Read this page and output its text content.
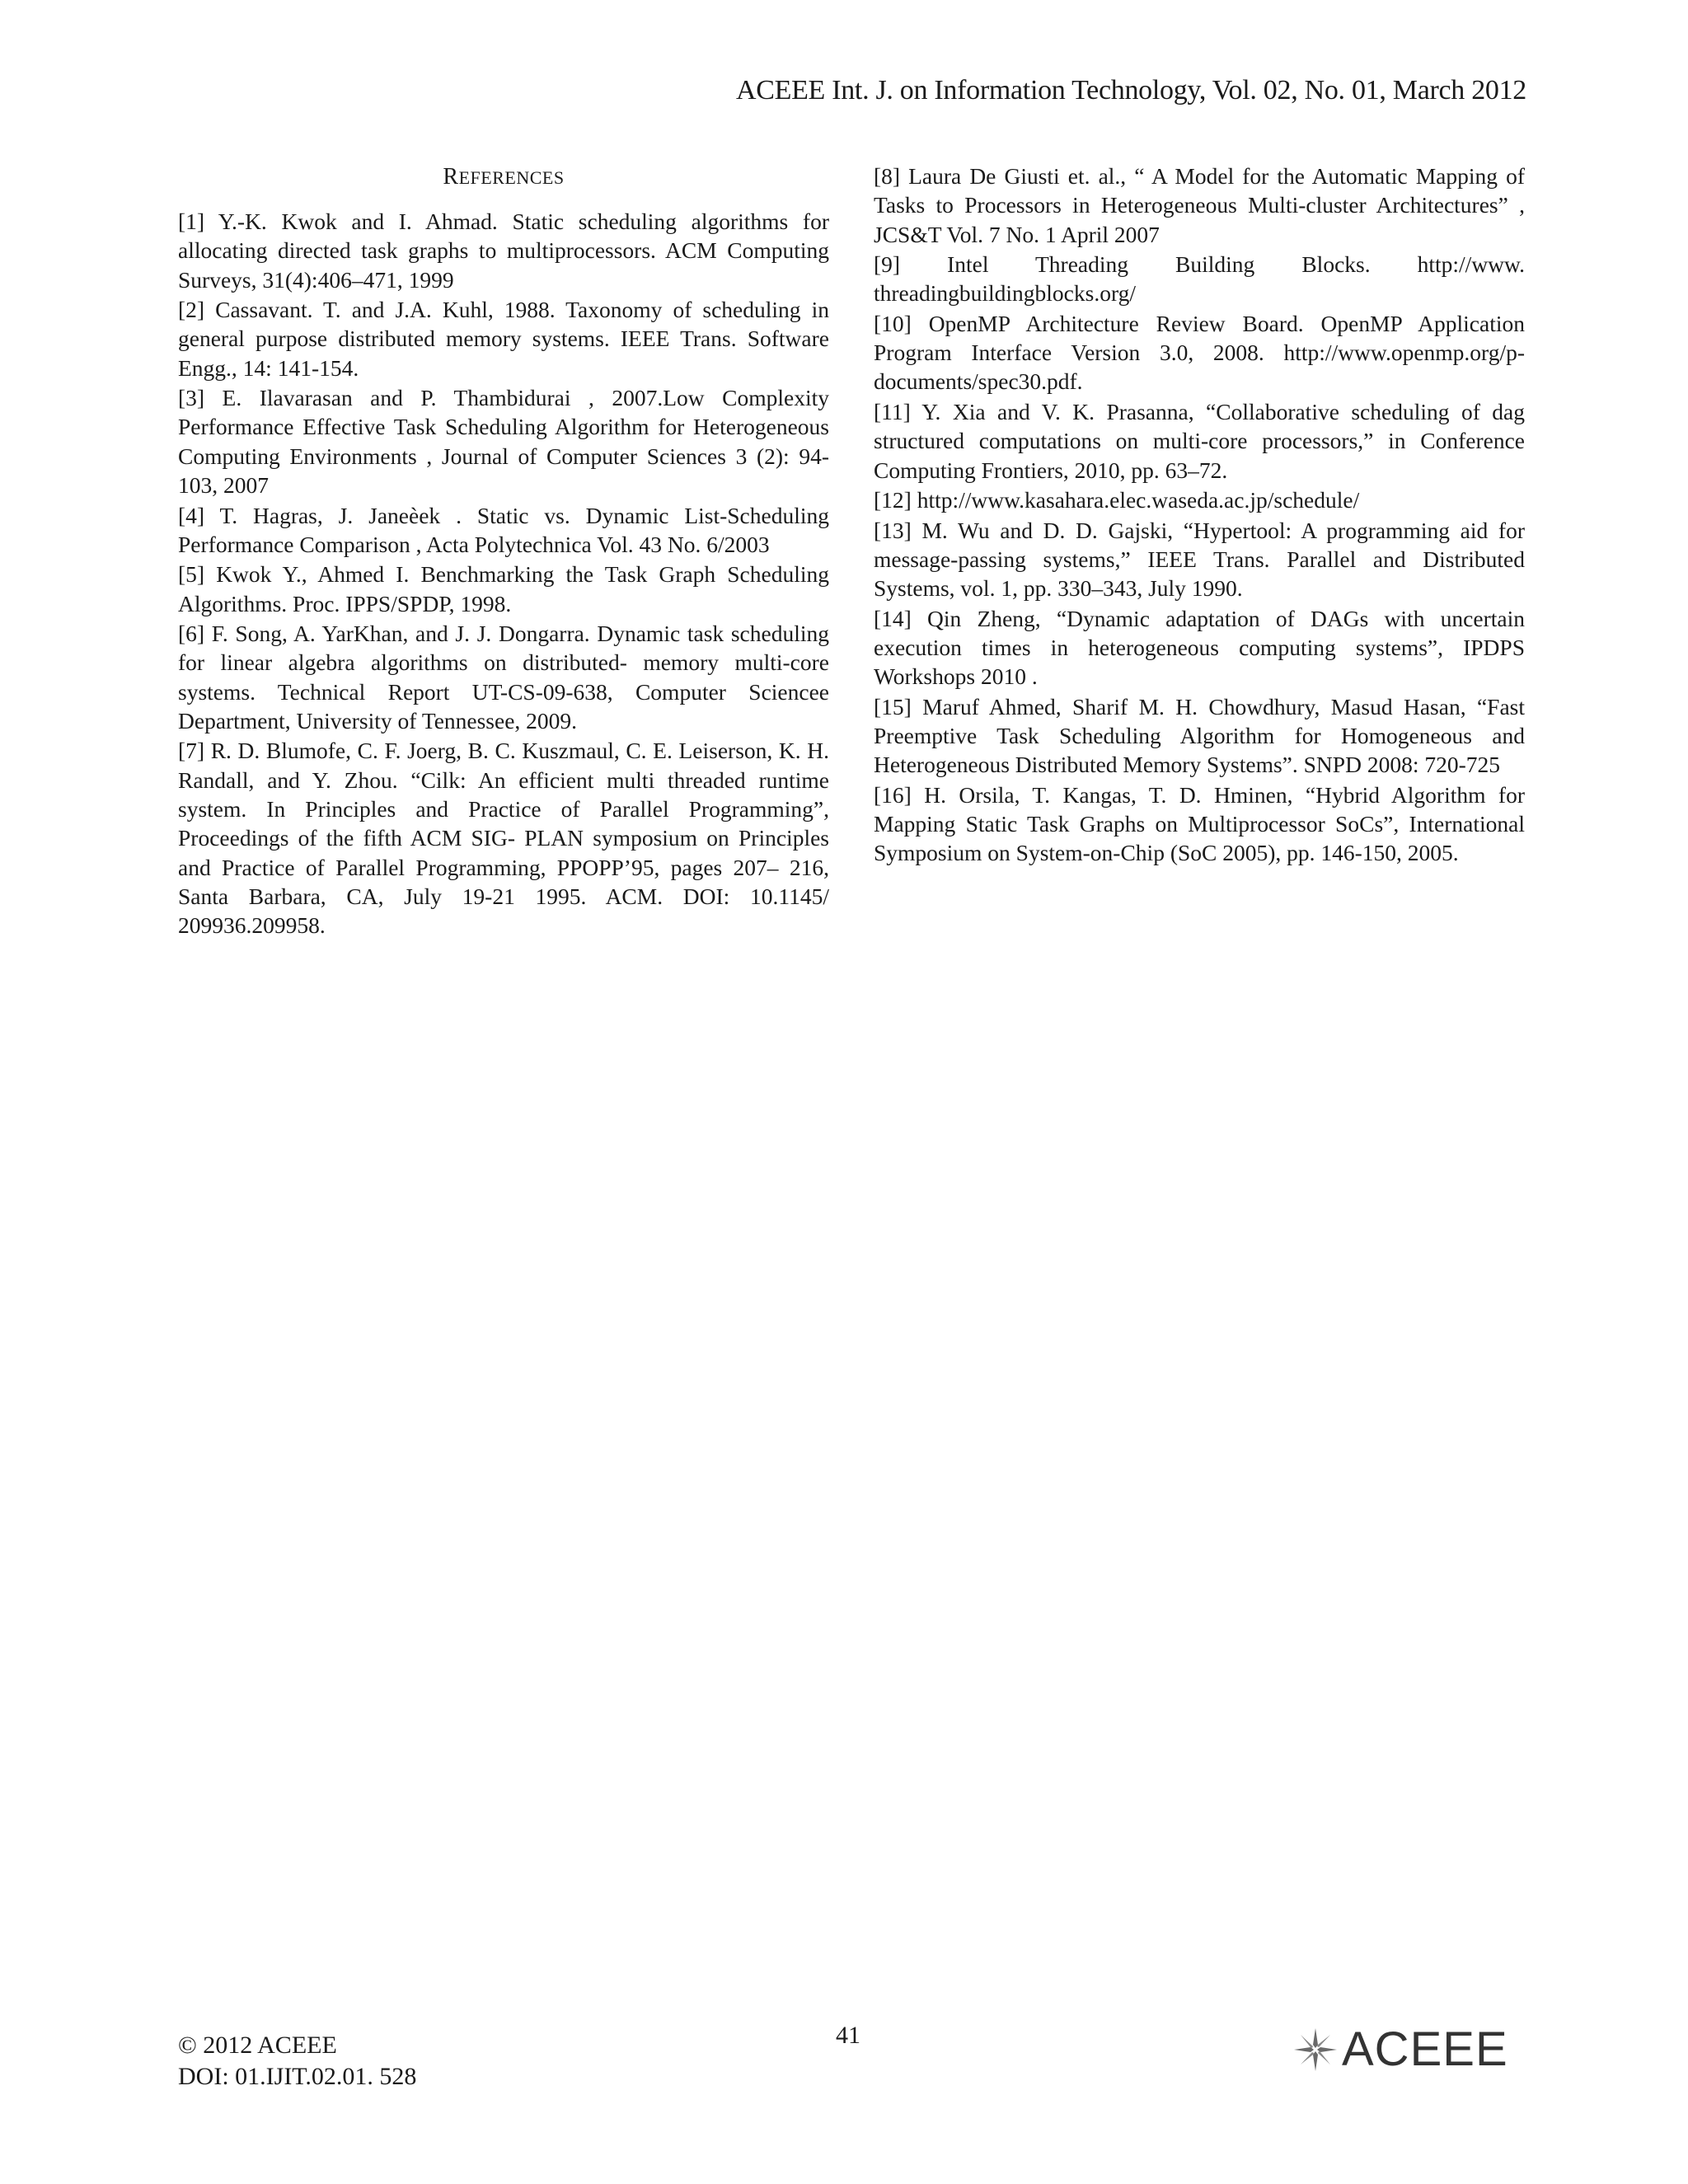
ACEEE Int. J. on Information Technology, Vol. 02, No. 01, March 2012
REFERENCES

[1] Y.-K. Kwok and I. Ahmad. Static scheduling algorithms for allocating directed task graphs to multiprocessors. ACM Computing Surveys, 31(4):406–471, 1999

[2] Cassavant. T. and J.A. Kuhl, 1988. Taxonomy of scheduling in general purpose distributed memory systems. IEEE Trans. Software Engg., 14: 141-154.

[3] E. Ilavarasan and P. Thambidurai , 2007.Low Complexity Performance Effective Task Scheduling Algorithm for Heterogeneous Computing Environments , Journal of Computer Sciences 3 (2): 94-103, 2007

[4] T. Hagras, J. Janeèek . Static vs. Dynamic List-Scheduling Performance Comparison , Acta Polytechnica Vol. 43 No. 6/2003

[5] Kwok Y., Ahmed I. Benchmarking the Task Graph Scheduling Algorithms. Proc. IPPS/SPDP, 1998.

[6] F. Song, A. YarKhan, and J. J. Dongarra. Dynamic task scheduling for linear algebra algorithms on distributed- memory multi-core systems. Technical Report UT-CS-09-638, Computer Sciencee Department, University of Tennessee, 2009.

[7] R. D. Blumofe, C. F. Joerg, B. C. Kuszmaul, C. E. Leiserson, K. H. Randall, and Y. Zhou. “Cilk: An efficient multi threaded runtime system. In Principles and Practice of Parallel Programming”, Proceedings of the fifth ACM SIG- PLAN symposium on Principles and Practice of Parallel Programming, PPOPP’95, pages 207– 216, Santa Barbara, CA, July 19-21 1995. ACM. DOI: 10.1145/ 209936.209958.

[8] Laura De Giusti et. al., “ A Model for the Automatic Mapping of Tasks to Processors in Heterogeneous Multi-cluster Architectures” , JCS&T Vol. 7 No. 1 April 2007

[9] Intel Threading Building Blocks. http://www. threadingbuildingblocks.org/

[10] OpenMP Architecture Review Board. OpenMP Application Program Interface Version 3.0, 2008. http://www.openmp.org/p-documents/spec30.pdf.

[11] Y. Xia and V. K. Prasanna, “Collaborative scheduling of dag structured computations on multi-core processors,” in Conference Computing Frontiers, 2010, pp. 63–72.

[12] http://www.kasahara.elec.waseda.ac.jp/schedule/

[13] M. Wu and D. D. Gajski, “Hypertool: A programming aid for message-passing systems,” IEEE Trans. Parallel and Distributed Systems, vol. 1, pp. 330–343, July 1990.

[14] Qin Zheng, “Dynamic adaptation of DAGs with uncertain execution times in heterogeneous computing systems”, IPDPS Workshops 2010 .

[15] Maruf Ahmed, Sharif M. H. Chowdhury, Masud Hasan, “Fast Preemptive Task Scheduling Algorithm for Homogeneous and Heterogeneous Distributed Memory Systems”. SNPD 2008: 720-725

[16] H. Orsila, T. Kangas, T. D. Hminen, “Hybrid Algorithm for Mapping Static Task Graphs on Multiprocessor SoCs”, International Symposium on System-on-Chip (SoC 2005), pp. 146-150, 2005.

© 2012 ACEEE
DOI: 01.IJIT.02.01. 528
41	ACEEE
